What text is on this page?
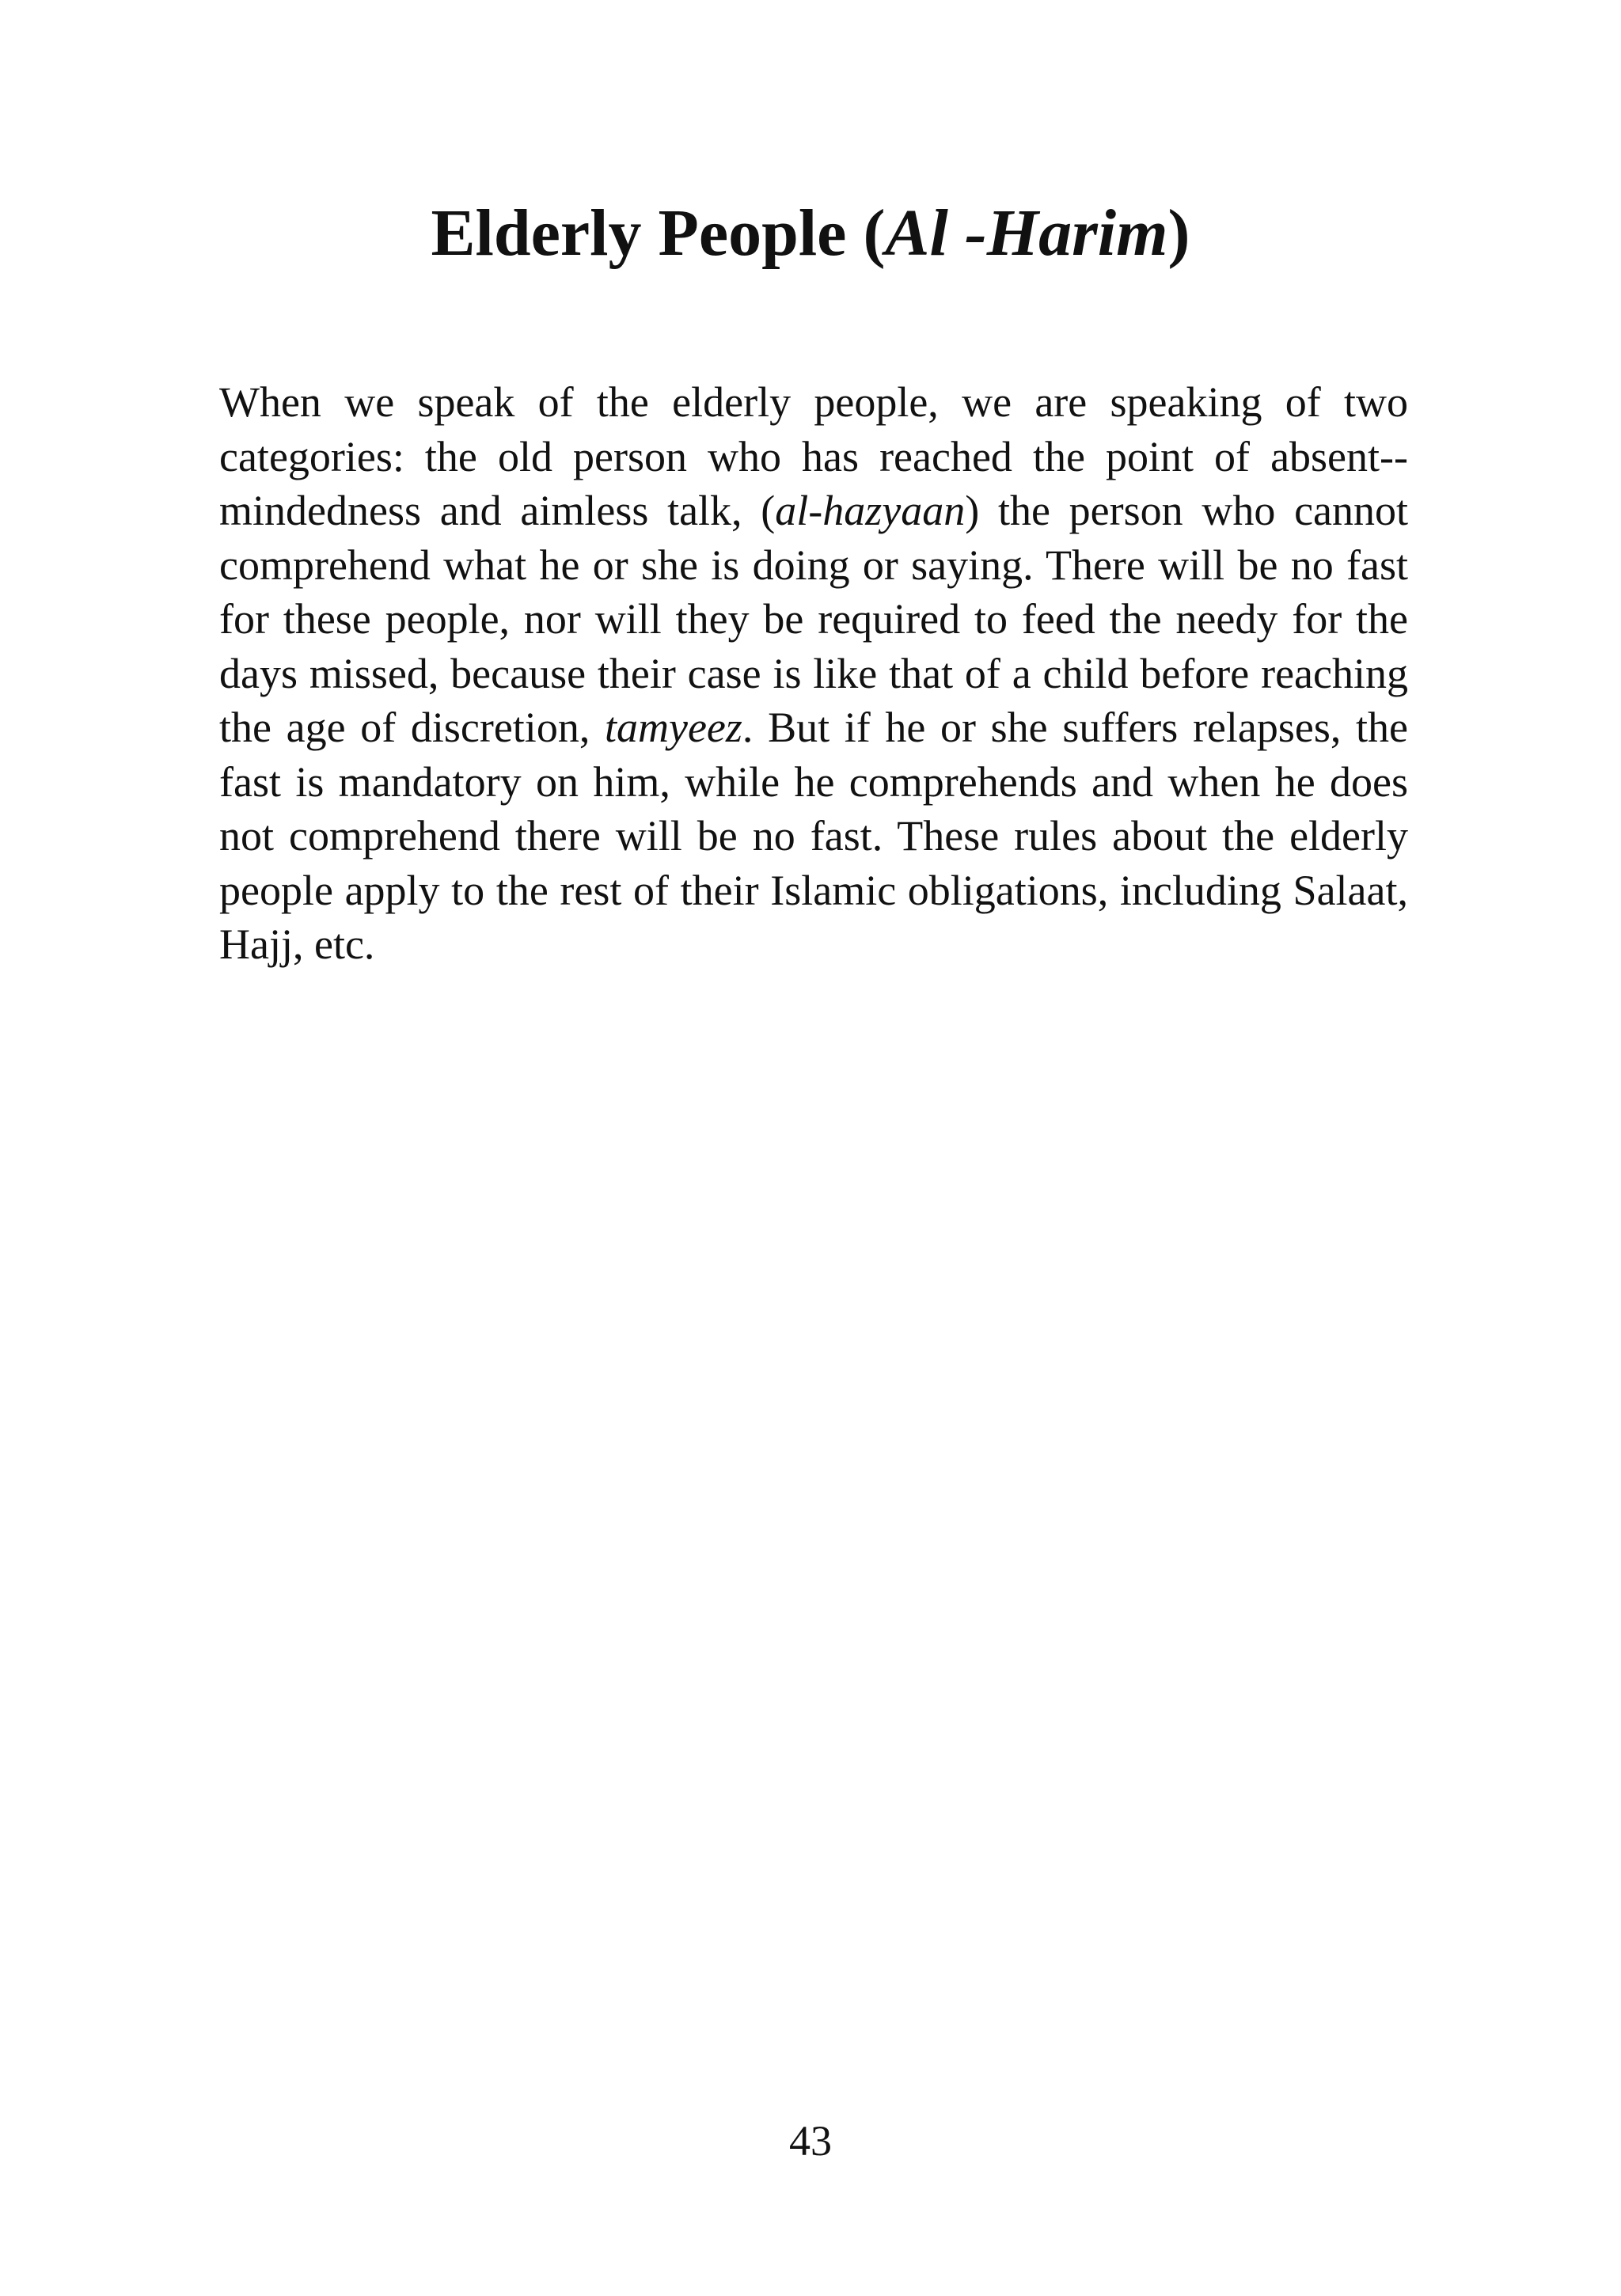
Elderly People (Al -Harim)

When we speak of the elderly people, we are speaking of two categories: the old person who has reached the point of absent-mindedness and aimless talk, (al-hazyaan) the person who cannot comprehend what he or she is doing or saying. There will be no fast for these people, nor will they be required to feed the needy for the days missed, because their case is like that of a child before reaching the age of discretion, tamyeez. But if he or she suffers relapses, the fast is mandatory on him, while he comprehends and when he does not comprehend there will be no fast. These rules about the elderly people apply to the rest of their Islamic obligations, including Salaat, Hajj, etc.

43
